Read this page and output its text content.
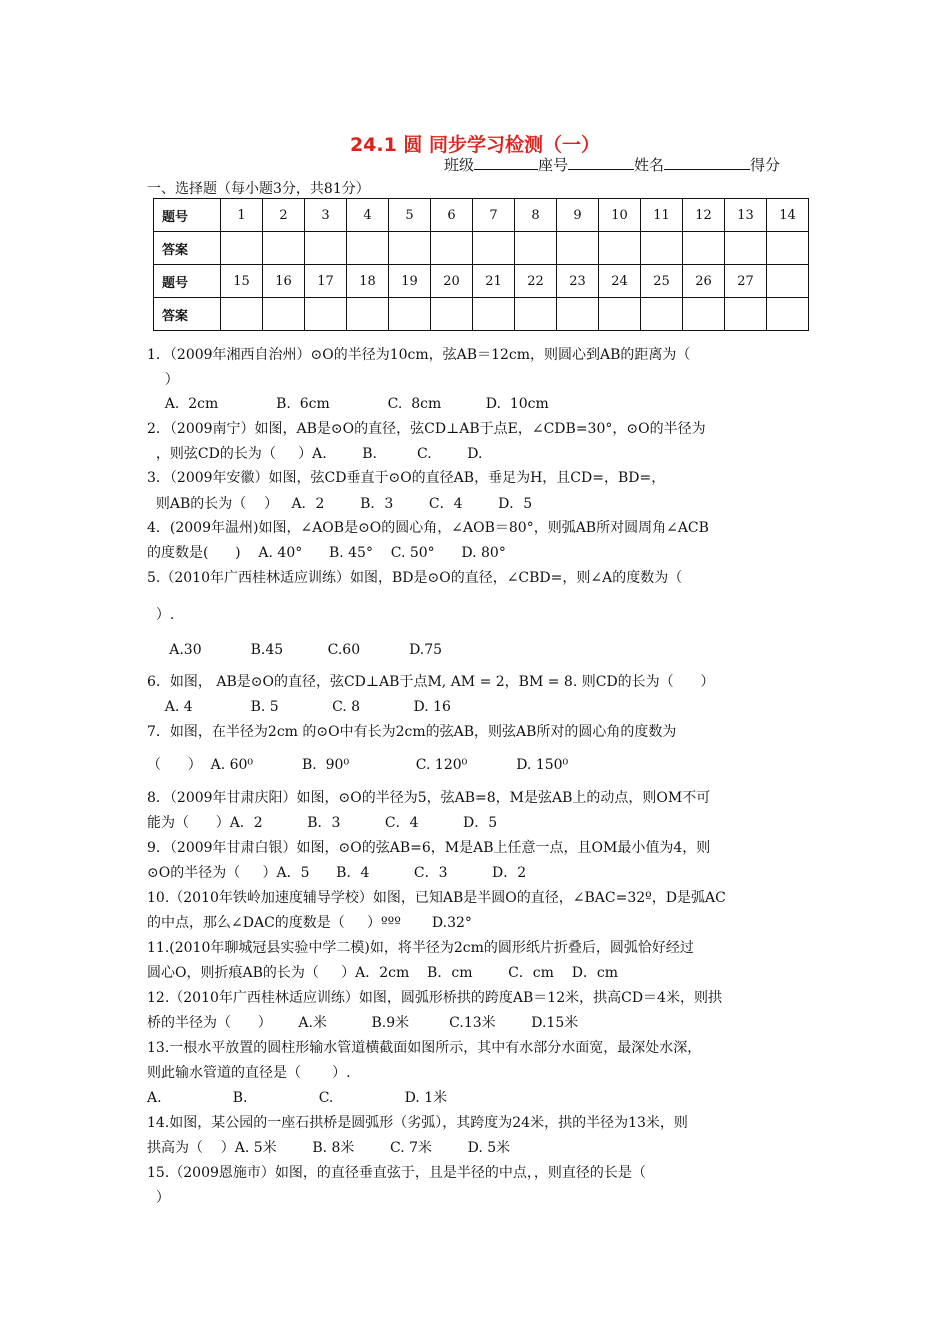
24.1 圆 同步学习检测（一）
班级	座号	姓名	得分
一、选择题（每小题3分，共81分）
题号	1	2	3	4	5	6	7	8	9	10	11	12	13	14
答案														
题号	15	16	17	18	19	20	21	22	23	24	25	26	27	
答案														
1．（2009年湘西自治州）⊙O的半径为10cm，弦AB＝12cm，则圆心到AB的距离为（
）
A.  2cm             B.  6cm             C.  8cm          D.  10cm
2．（2009南宁）如图，AB是⊙O的直径，弦CD⊥AB于点E，∠CDB=30°，⊙O的半径为
，则弦CD的长为（     ）A.        B.         C.        D.
3．（2009年安徽）如图，弦CD垂直于⊙O的直径AB，垂足为H，且CD=，BD=，
则AB的长为（    ）   A．2        B．3        C．4        D．5
4．(2009年温州)如图，∠AOB是⊙O的圆心角，∠AOB＝80°，则弧AB所对圆周角∠ACB
的度数是(      )    A. 40°      B. 45°    C. 50°      D. 80°
5.（2010年广西桂林适应训练）如图，BD是⊙O的直径，∠CBD=，则∠A的度数为（
）.
A.30           B.45          C.60           D.75
6．如图， AB是⊙O的直径，弦CD⊥AB于点M, AM = 2，BM = 8. 则CD的长为（      ）
A. 4             B. 5            C. 8            D. 16
7．如图，在半径为2cm 的⊙O中有长为2cm的弦AB，则弦AB所对的圆心角的度数为
（      ）  A. 60⁰           B.  90⁰               C. 120⁰           D. 150⁰
8．（2009年甘肃庆阳）如图，⊙O的半径为5，弦AB=8，M是弦AB上的动点，则OM不可
能为（      ）A．2          B．3          C．4          D．5
9．（2009年甘肃白银）如图，⊙O的弦AB=6，M是AB上任意一点，且OM最小值为4，则
⊙O的半径为（     ）A．5      B．4          C．3          D．2
10.（2010年铁岭加速度辅导学校）如图，已知AB是半圆O的直径，∠BAC=32º，D是弧AC
的中点，那么∠DAC的度数是（     ）ººº       D.32°
11.(2010年聊城冠县实验中学二模)如，将半径为2cm的圆形纸片折叠后，圆弧恰好经过
圆心O，则折痕AB的长为（     ）A．2cm    B．cm        C．cm    D．cm
12.（2010年广西桂林适应训练）如图，圆弧形桥拱的跨度AB＝12米，拱高CD＝4米，则拱
桥的半径为（      ）      A.米          B.9米         C.13米        D.15米
13.一根水平放置的圆柱形输水管道横截面如图所示，其中有水部分水面宽，最深处水深，
则此输水管道的直径是（       ）.
A.                B.                C.                D. 1米
14.如图，某公园的一座石拱桥是圆弧形（劣弧），其跨度为24米，拱的半径为13米，则
拱高为（    ）A. 5米        B. 8米        C. 7米        D. 5米
15.（2009恩施市）如图，的直径垂直弦于，且是半径的中点，，则直径的长是（
）
